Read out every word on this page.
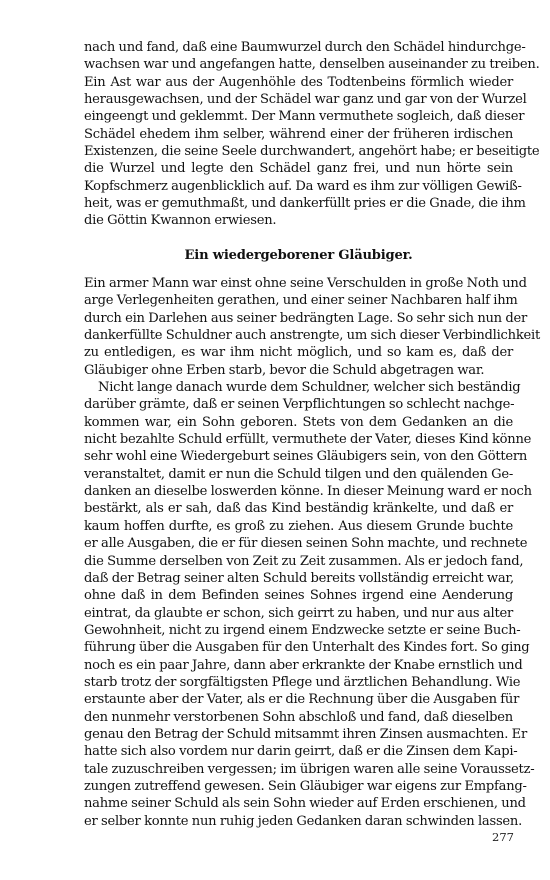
nach und fand, daß eine Baumwurzel durch den Schädel hindurchge-
wachsen war und angefangen hatte, denselben auseinander zu treiben.
Ein Ast war aus der Augenhöhle des Todtenbeins förmlich wieder
herausgewachsen, und der Schädel war ganz und gar von der Wurzel
eingeengt und geklemmt. Der Mann vermuthete sogleich, daß dieser
Schädel ehedem ihm selber, während einer der früheren irdischen
Existenzen, die seine Seele durchwandert, angehört habe; er beseitigte
die Wurzel und legte den Schädel ganz frei, und nun hörte sein
Kopfschmerz augenblicklich auf. Da ward es ihm zur völligen Gewiß-
heit, was er gemuthmaßt, und dankerfüllt pries er die Gnade, die ihm
die Göttin Kwannon erwiesen.
Ein wiedergeborener Gläubiger.
Ein armer Mann war einst ohne seine Verschulden in große Noth und
arge Verlegenheiten gerathen, und einer seiner Nachbaren half ihm
durch ein Darlehen aus seiner bedrängten Lage. So sehr sich nun der
dankerfüllte Schuldner auch anstrengte, um sich dieser Verbindlichkeit
zu entledigen, es war ihm nicht möglich, und so kam es, daß der
Gläubiger ohne Erben starb, bevor die Schuld abgetragen war.
Nicht lange danach wurde dem Schuldner, welcher sich beständig
darüber grämte, daß er seinen Verpflichtungen so schlecht nachge-
kommen war, ein Sohn geboren. Stets von dem Gedanken an die
nicht bezahlte Schuld erfüllt, vermuthete der Vater, dieses Kind könne
sehr wohl eine Wiedergeburt seines Gläubigers sein, von den Göttern
veranstaltet, damit er nun die Schuld tilgen und den quälenden Ge-
danken an dieselbe loswerden könne. In dieser Meinung ward er noch
bestärkt, als er sah, daß das Kind beständig kränkelte, und daß er
kaum hoffen durfte, es groß zu ziehen. Aus diesem Grunde buchte
er alle Ausgaben, die er für diesen seinen Sohn machte, und rechnete
die Summe derselben von Zeit zu Zeit zusammen. Als er jedoch fand,
daß der Betrag seiner alten Schuld bereits vollständig erreicht war,
ohne daß in dem Befinden seines Sohnes irgend eine Aenderung
eintrat, da glaubte er schon, sich geirrt zu haben, und nur aus alter
Gewohnheit, nicht zu irgend einem Endzwecke setzte er seine Buch-
führung über die Ausgaben für den Unterhalt des Kindes fort. So ging
noch es ein paar Jahre, dann aber erkrankte der Knabe ernstlich und
starb trotz der sorgfältigsten Pflege und ärztlichen Behandlung. Wie
erstaunte aber der Vater, als er die Rechnung über die Ausgaben für
den nunmehr verstorbenen Sohn abschloß und fand, daß dieselben
genau den Betrag der Schuld mitsammt ihren Zinsen ausmachten. Er
hatte sich also vordem nur darin geirrt, daß er die Zinsen dem Kapi-
tale zuzuschreiben vergessen; im übrigen waren alle seine Voraussetz-
zungen zutreffend gewesen. Sein Gläubiger war eigens zur Empfang-
nahme seiner Schuld als sein Sohn wieder auf Erden erschienen, und
er selber konnte nun ruhig jeden Gedanken daran schwinden lassen.
277
